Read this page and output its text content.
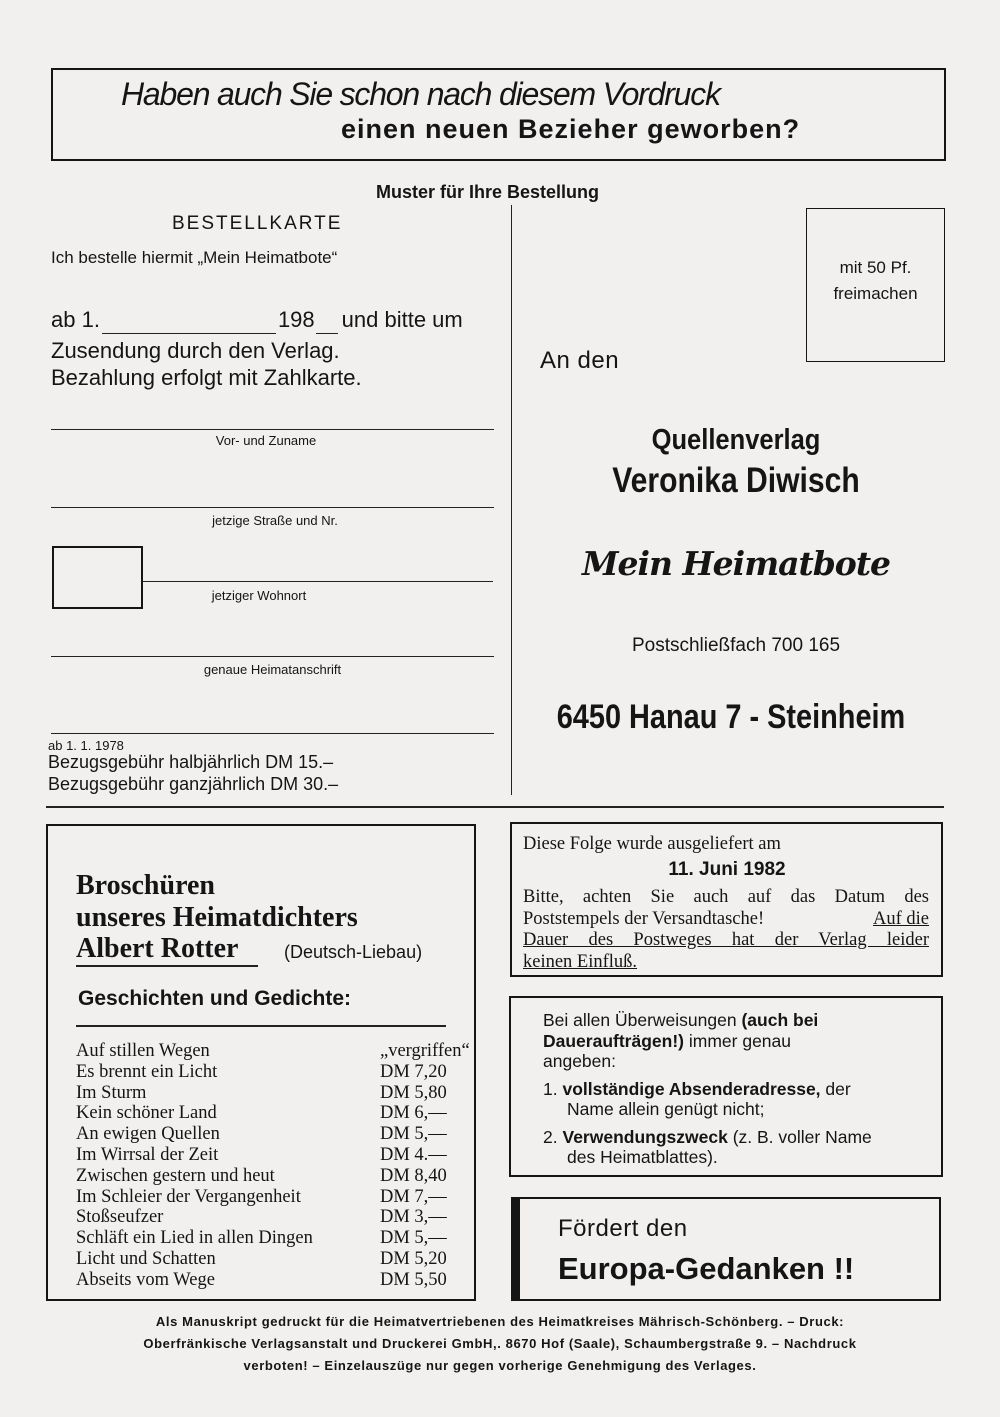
Haben auch Sie schon nach diesem Vordruck
einen neuen Bezieher geworben?
Muster für Ihre Bestellung
BESTELLKARTE
Ich bestelle hiermit „Mein Heimatbote“
ab 1.	198 und bitte um
Zusendung durch den Verlag.
Bezahlung erfolgt mit Zahlkarte.
Vor- und Zuname
jetzige Straße und Nr.
jetziger Wohnort
genaue Heimatanschrift
ab 1. 1. 1978
Bezugsgebühr halbjährlich DM 15.–
Bezugsgebühr ganzjährlich DM 30.–
mit 50 Pf.
freimachen
An den
Quellenverlag
Veronika Diwisch
Mein Heimatbote
Postschließfach 700 165
6450 Hanau 7 - Steinheim
Broschüren
unseres Heimatdichters
Albert Rotter	(Deutsch-Liebau)
Geschichten und Gedichte:
Auf stillen Wegen	„vergriffen“
Es brennt ein Licht	DM 7,20
Im Sturm	DM 5,80
Kein schöner Land	DM 6,—
An ewigen Quellen	DM 5,—
Im Wirrsal der Zeit	DM 4.—
Zwischen gestern und heut	DM 8,40
Im Schleier der Vergangenheit	DM 7,—
Stoßseufzer	DM 3,—
Schläft ein Lied in allen Dingen	DM 5,—
Licht und Schatten	DM 5,20
Abseits vom Wege	DM 5,50
Diese Folge wurde ausgeliefert am
11. Juni 1982
Bitte, achten Sie auch auf das Datum des
Poststempels der Versandtasche!	Auf die
Dauer des Postweges hat der Verlag leider
keinen Einfluß.
Bei allen Überweisungen (auch bei
Daueraufträgen!) immer genau
angeben:
1. vollständige Absenderadresse, der
Name allein genügt nicht;
2. Verwendungszweck (z. B. voller Name
des Heimatblattes).
Fördert den
Europa-Gedanken !!
Als Manuskript gedruckt für die Heimatvertriebenen des Heimatkreises Mährisch-Schönberg. – Druck:
Oberfränkische Verlagsanstalt und Druckerei GmbH,. 8670 Hof (Saale), Schaumbergstraße 9. – Nachdruck
verboten! – Einzelauszüge nur gegen vorherige Genehmigung des Verlages.
